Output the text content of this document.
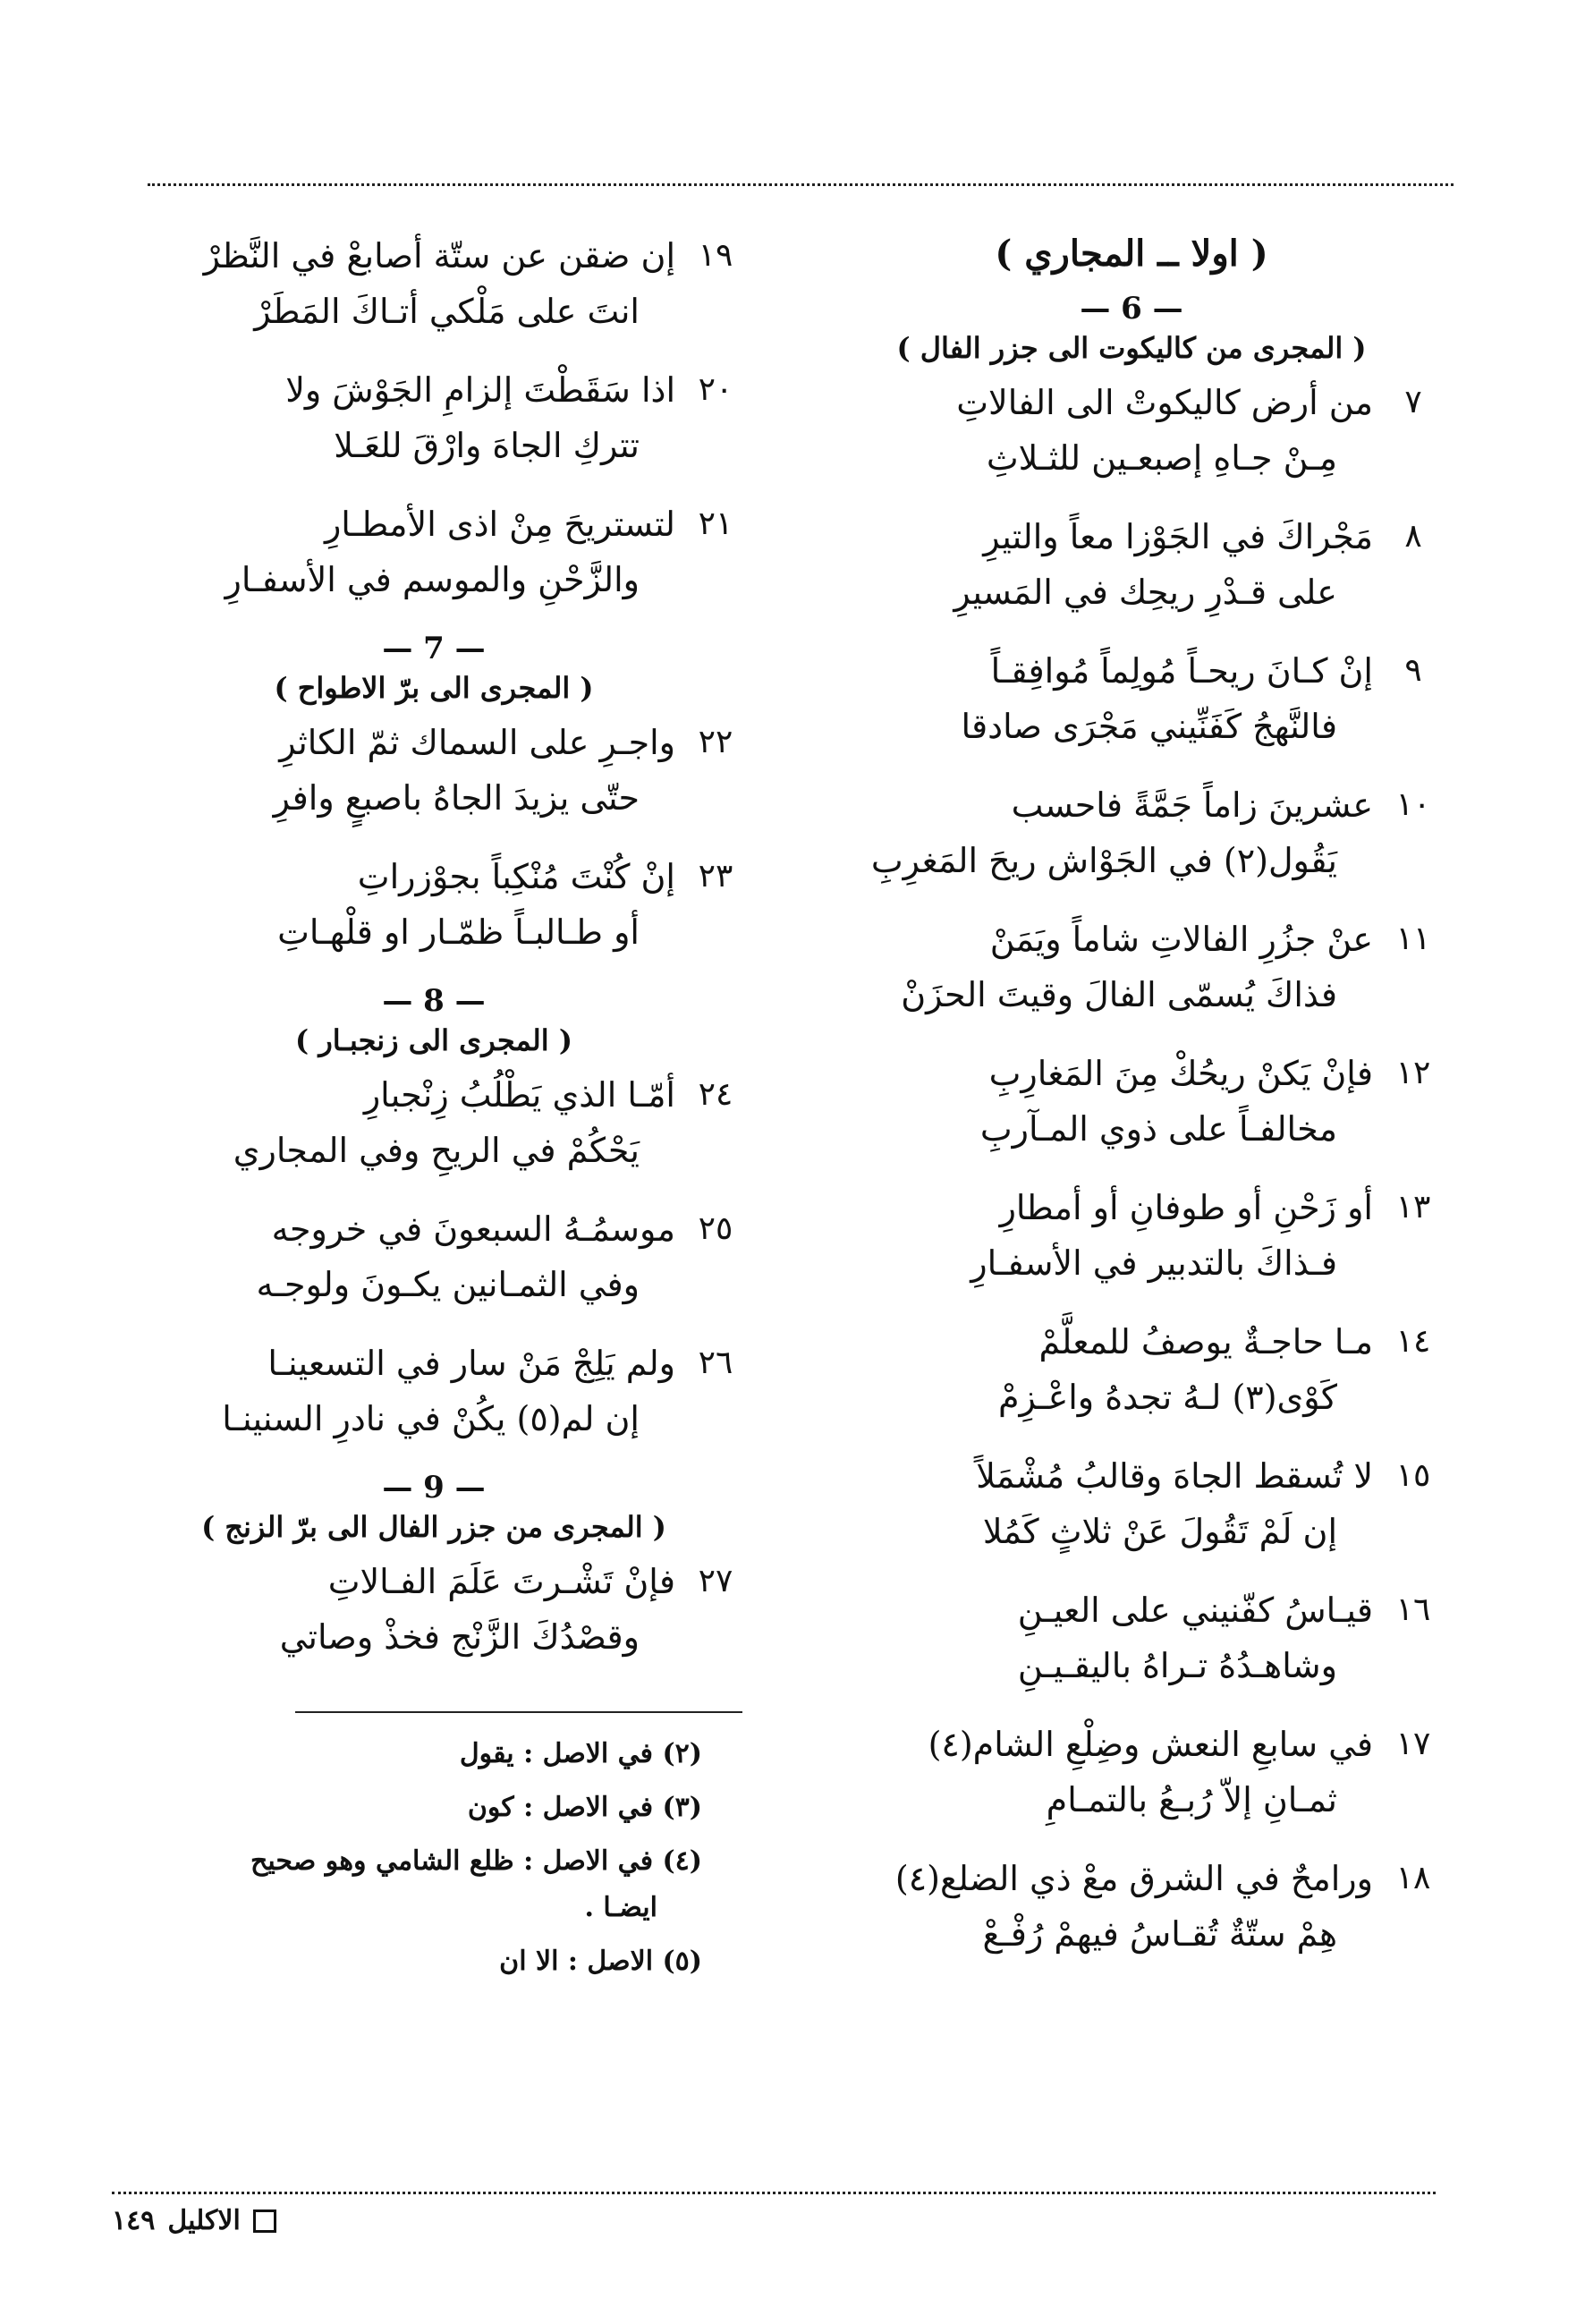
( اولا ــ المجاري )
— 6 —
( المجرى من كاليكوت الى جزر الفال )
٧
من أرض كاليكوتْ الى الفالاتِ
مِـنْ جـاهِ إصبعـين للثـلاثِ
٨
مَجْراكَ في الجَوْزا معاً والتيرِ
على قـدْرِ ريحِك في المَسيرِ
٩
إنْ كـانَ ريحـاً مُولِماً مُوافِقـاً
فالنَّهجُ كَفَنِّيني مَجْرَى صادقا
١٠
عشرينَ زاماً جَمَّةً فاحسب
يَقُول(٢) في الجَوْاش ريحَ المَغرِبِ
١١
عنْ جزُرِ الفالاتِ شاماً ويَمَنْ
فذاكَ يُسمّى الفالَ وقيتَ الحزَنْ
١٢
فإنْ يَكنْ ريحُكْ مِنَ المَغارِبِ
مخالفـاً على ذوي المـآربِ
١٣
أو زَحْنِ أو طوفانِ أو أمطارِ
فـذاكَ بالتدبير في الأسفـارِ
١٤
مـا حاجـةٌ يوصفُ للمعلَّمْ
كَوْى(٣) لـهُ تجدهُ واعْـزِمْ
١٥
لا تُسقط الجاهَ وقالبُ مُشْمَلاً
إن لَمْ تَقُولَ عَنْ ثلاثٍ كَمُلا
١٦
قيـاسُ كفّنيني على العيـنِ
وشاهـدُهُ تـراهُ باليقـيـنِ
١٧
في سابعِ النعش وضِلْعِ الشام(٤)
ثمـانِ إلاّ رُبـعُ بالتمـامِ
١٨
ورامحٌ في الشرق معْ ذي الضلع(٤)
هِمْ ستّةٌ تُقـاسُ فيهمْ رُفْـعْ
١٩
إن ضقن عن ستّة أصابعْ في النَّظرْ
انتَ على مَلْكي أتـاكَ المَطَرْ
٢٠
اذا سَقَطْتَ إلزامِ الجَوْشَ ولا
تتركِ الجاهَ وارْقَ للعَـلا
٢١
لتستريحَ مِنْ اذى الأمطـارِ
والزَّحْنِ والموسم في الأسفـارِ
— 7 —
( المجرى الى برّ الاطواح )
٢٢
واجـرِ على السماك ثمّ الكاثرِ
حتّى يزيدَ الجاهُ باصبعٍ وافرِ
٢٣
إنْ كُنْتَ مُنْكِباً بجوْزراتِ
أو طـالبـاً ظمّـار او قلْهـاتِ
— 8 —
( المجرى الى زنجبـار )
٢٤
أمّـا الذي يَطْلُبُ زِنْجبارِ
يَحْكُمْ في الريحِ وفي المجاري
٢٥
موسمُـهُ السبعونَ في خروجه
وفي الثمـانين يكـونَ ولوجـه
٢٦
ولم يَلِجْ مَنْ سار في التسعينـا
إن لم(٥) يكُنْ في نادرِ السنينـا
— 9 —
( المجرى من جزر الفال الى برّ الزنج )
٢٧
فإنْ تَشْـرتَ عَلَمَ الفـالاتِ
وقصْدُكَ الزَّنْج فخذْ وصاتي
(٢) في الاصل : يقول
(٣) في الاصل : كون
(٤) في الاصل : ظلع الشامي وهو صحيح
ايضـا .
(٥) الاصل : الا ان
الاكليل
١٤٩
